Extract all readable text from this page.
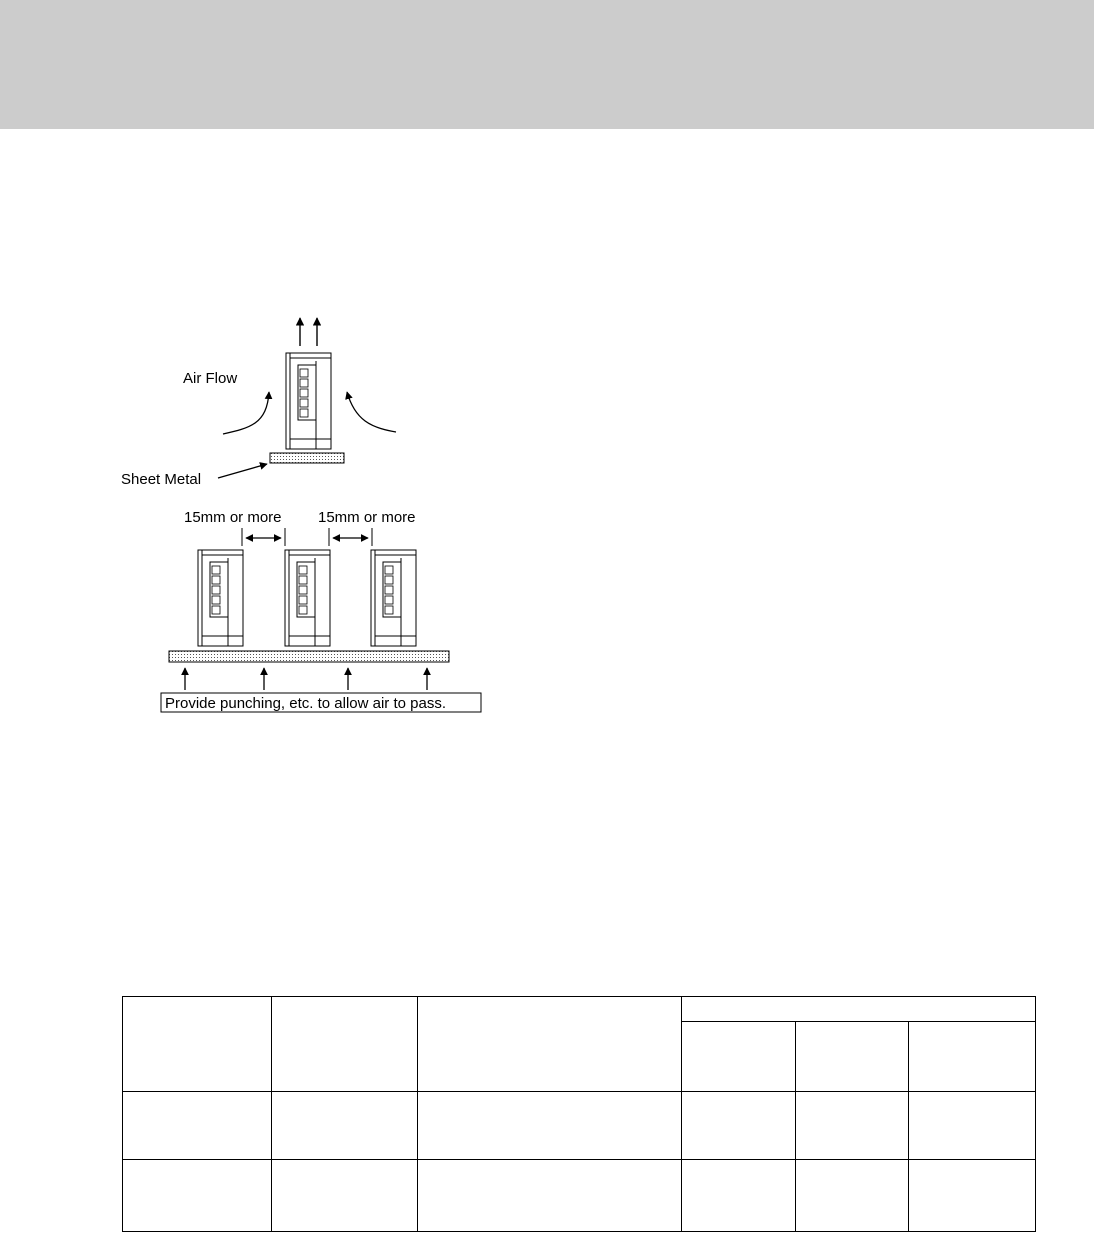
Air Flow
Sheet Metal
15mm or more 15mm or more
Provide punching, etc. to allow air to pass.
